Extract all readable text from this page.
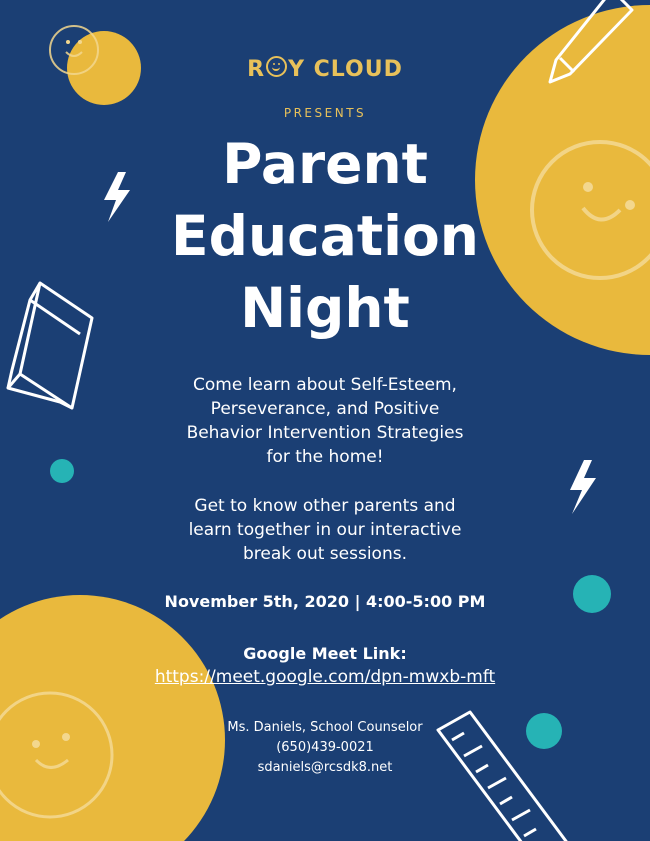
R Y CLOUD
PRESENTS
Parent
Education
Night
Come learn about Self-Esteem,
Perseverance, and Positive
Behavior Intervention Strategies
for the home!
Get to know other parents and
learn together in our interactive
break out sessions.
November 5th, 2020 | 4:00-5:00 PM
Google Meet Link:
https://meet.google.com/dpn-mwxb-mft
Ms. Daniels, School Counselor
(650)439-0021
sdaniels@rcsdk8.net
